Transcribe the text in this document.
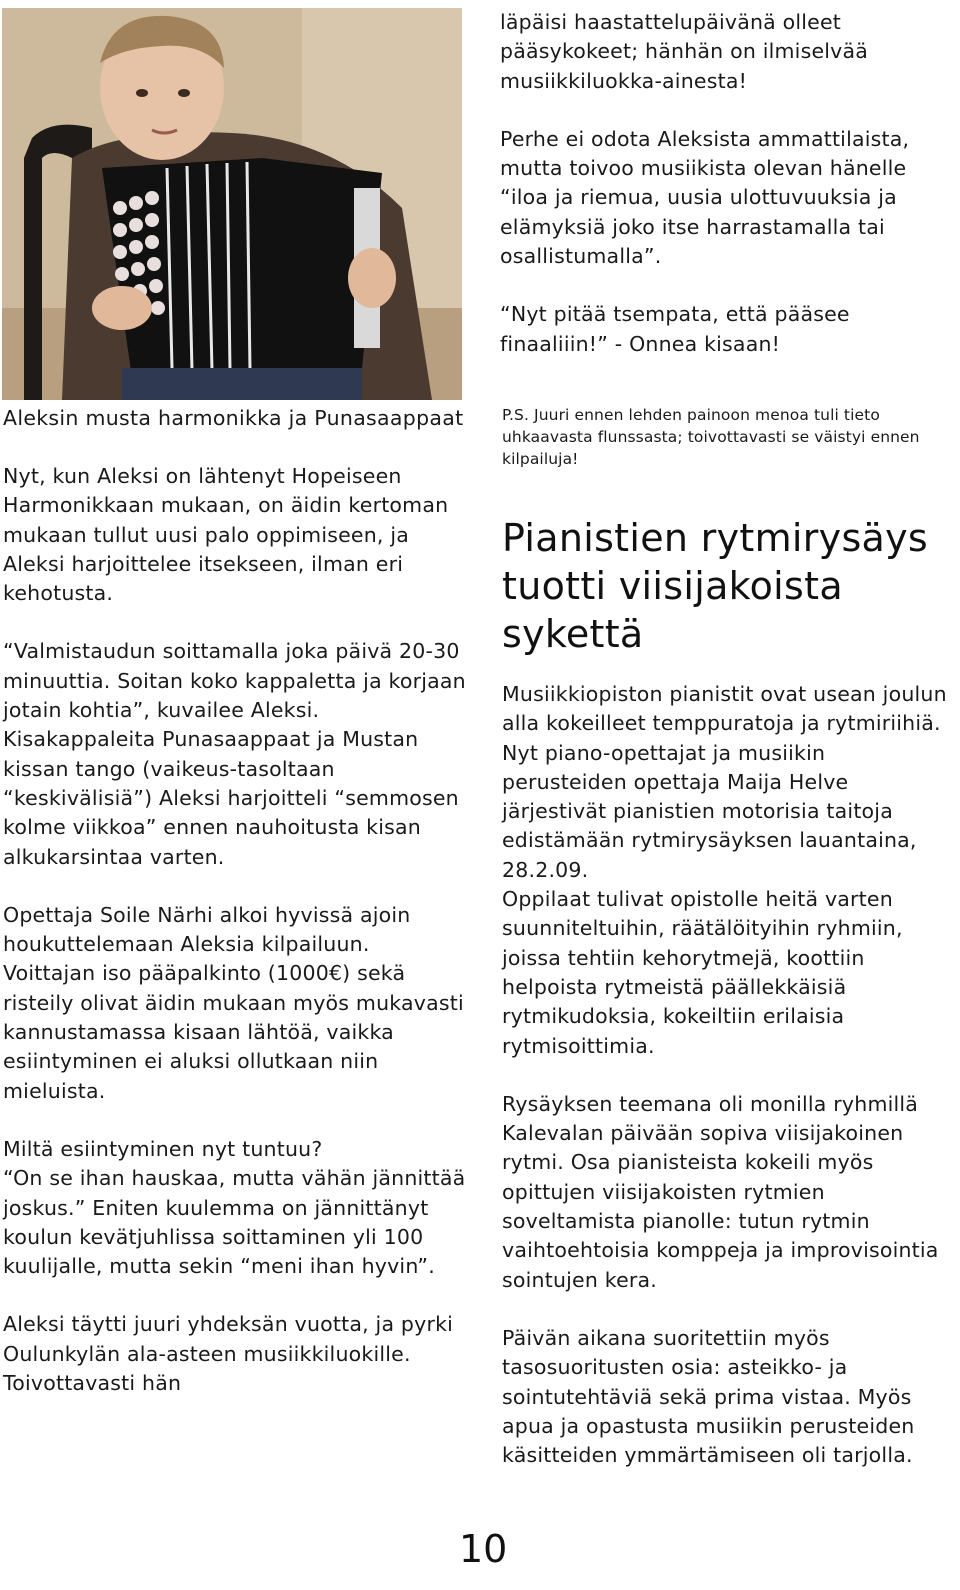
läpäisi haastattelupäivänä olleet pääsykokeet; hänhän on ilmiselvää musiikkiluokka-ainesta!

Perhe ei odota Aleksista ammattilaista, mutta toivoo musiikista olevan hänelle “iloa ja riemua, uusia ulottuvuuksia ja elämyksiä joko itse harrastamalla tai osallistumalla”.

“Nyt pitää tsempata, että pääsee finaaliiin!” - Onnea kisaan!

Aleksin musta harmonikka ja Punasaappaat

Nyt, kun Aleksi on lähtenyt Hopeiseen Harmonikkaan mukaan, on äidin kertoman mukaan tullut uusi palo oppimiseen, ja Aleksi harjoittelee itsekseen, ilman eri kehotusta.

“Valmistaudun soittamalla joka päivä 20-30 minuuttia. Soitan koko kappaletta ja korjaan jotain kohtia”, kuvailee Aleksi.

Kisakappaleita Punasaappaat ja Mustan kissan tango (vaikeus-tasoltaan “keskivälisiä”) Aleksi harjoitteli “semmosen kolme viikkoa” ennen nauhoitusta kisan alkukarsintaa varten.

Opettaja Soile Närhi alkoi hyvissä ajoin houkuttelemaan Aleksia kilpailuun.

Voittajan iso pääpalkinto (1000€) sekä risteily olivat äidin mukaan myös mukavasti kannustamassa kisaan lähtöä, vaikka esiintyminen ei aluksi ollutkaan niin mieluista.

Miltä esiintyminen nyt tuntuu?

“On se ihan hauskaa, mutta vähän jännittää joskus.” Eniten kuulemma on jännittänyt koulun kevätjuhlissa soittaminen yli 100 kuulijalle, mutta sekin “meni ihan hyvin”.

Aleksi täytti juuri yhdeksän vuotta, ja pyrki Oulunkylän ala-asteen musiikkiluokille. Toivottavasti hän

P.S. Juuri ennen lehden painoon menoa tuli tieto uhkaavasta flunssasta; toivottavasti se väistyi ennen kilpailuja!
Pianistien rytmirysäys tuotti viisijakoista sykettä

Musiikkiopiston pianistit ovat usean joulun alla kokeilleet temppuratoja ja rytmiriihiä. Nyt piano-opettajat ja musiikin perusteiden opettaja Maija Helve järjestivät pianistien motorisia taitoja edistämään rytmirysäyksen lauantaina, 28.2.09.

Oppilaat tulivat opistolle heitä varten suunniteltuihin, räätälöityihin ryhmiin, joissa tehtiin kehorytmejä, koottiin helpoista rytmeistä päällekkäisiä rytmikudoksia, kokeiltiin erilaisia rytmisoittimia.

Rysäyksen teemana oli monilla ryhmillä Kalevalan päivään sopiva viisijakoinen rytmi. Osa pianisteista kokeili myös opittujen viisijakoisten rytmien soveltamista pianolle: tutun rytmin vaihtoehtoisia komppeja ja improvisointia sointujen kera.

Päivän aikana suoritettiin myös tasosuoritusten osia: asteikko- ja sointutehtäviä sekä prima vistaa. Myös apua ja opastusta musiikin perusteiden käsitteiden ymmärtämiseen oli tarjolla.

10
